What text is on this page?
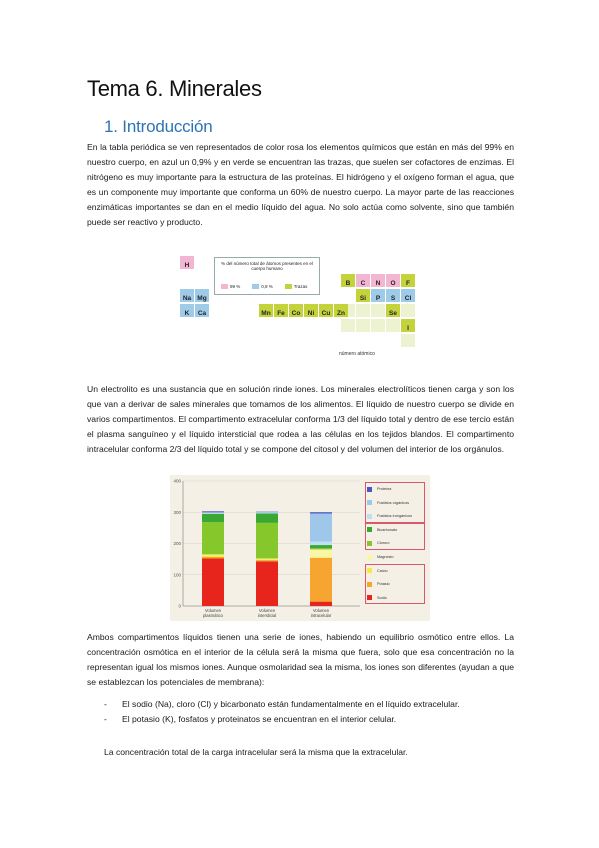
Tema 6. Minerales
1. Introducción
En la tabla periódica se ven representados de color rosa los elementos químicos que están en más del 99% en nuestro cuerpo, en azul un 0,9% y en verde se encuentran las trazas, que suelen ser cofactores de enzimas. El nitrógeno es muy importante para la estructura de las proteínas. El hidrógeno y el oxígeno forman el agua, que es un componente muy importante que conforma un 60% de nuestro cuerpo. La mayor parte de las reacciones enzimáticas importantes se dan en el medio líquido del agua. No solo actúa como solvente, sino que también puede ser reactivo y producto.
% del número total de átomos presentes en el cuerpo humano
99 %	0,9 %	Trazas
H
B	C	N	O	F
Na Mg	Si	P	S	Cl
K	Ca	Mn	Fe	Co	Ni	Cu	Zn	Se
I
número atómico
Un electrolito es una sustancia que en solución rinde iones. Los minerales electrolíticos tienen carga y son los que van a derivar de sales minerales que tomamos de los alimentos. El líquido de nuestro cuerpo se divide en varios compartimentos. El compartimento extracelular conforma 1/3 del líquido total y dentro de ese tercio están el plasma sanguíneo y el líquido intersticial que rodea a las células en los tejidos blandos. El compartimento intracelular conforma 2/3 del líquido total y se compone del citosol y del volumen del interior de los orgánulos.
0
100
200
300
400
Volumen
plasmático
Volumen
intersticial
Volumen
intracelular
Proteína
Fosfatos orgánicos
Fosfatos inorgánicos
Bicarbonato
Cloruro
Magnesio
Calcio
Potasio
Sodio
Ambos compartimentos líquidos tienen una serie de iones, habiendo un equilibrio osmótico entre ellos. La concentración osmótica en el interior de la célula será la misma que fuera, solo que esa concentración no la representan igual los mismos iones. Aunque osmolaridad sea la misma, los iones son diferentes (ayudan a que se establezcan los potenciales de membrana):
- El sodio (Na), cloro (Cl) y bicarbonato están fundamentalmente en el líquido extracelular.
- El potasio (K), fosfatos y proteinatos se encuentran en el interior celular.
La concentración total de la carga intracelular será la misma que la extracelular.
